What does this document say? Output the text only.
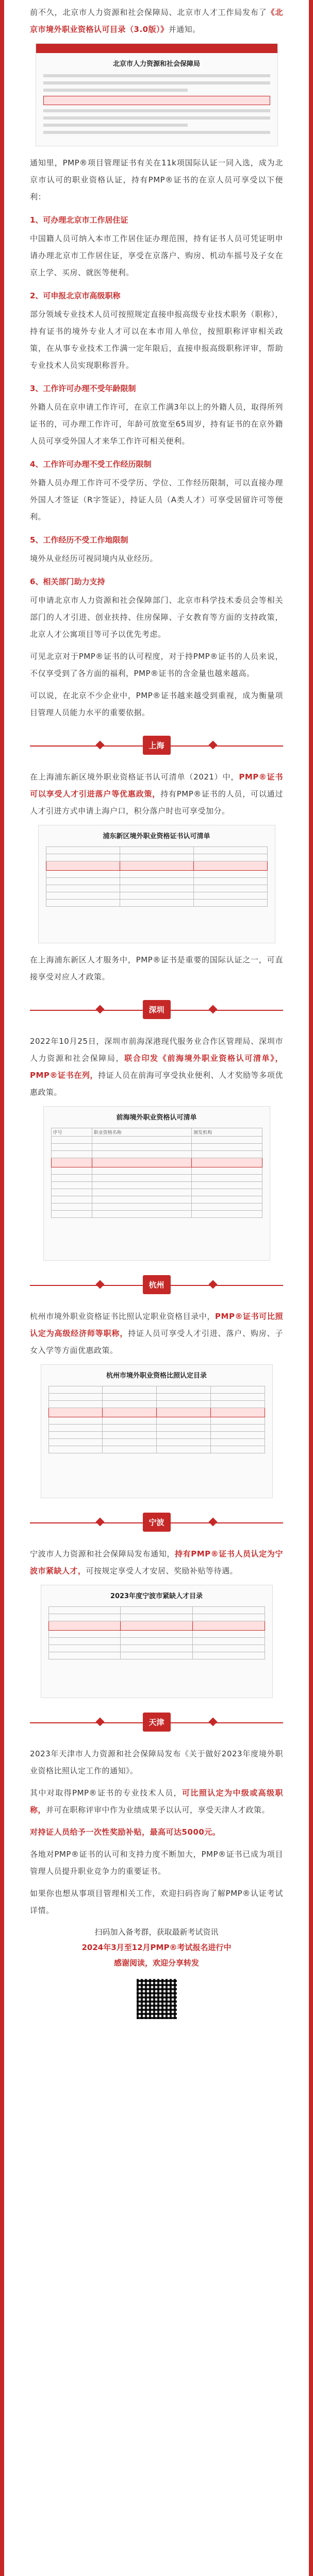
前不久，北京市人力资源和社会保障局、北京市人才工作局发布了《北京市境外职业资格认可目录（3.0版）》并通知。

北京市人力资源和社会保障局

通知里，PMP®项目管理证书有关在11k项国际认证一同入选，成为北京市认可的职业资格认证，持有PMP®证书的在京人员可享受以下便利：

1、可办理北京市工作居住证

中国籍人员可纳入本市工作居住证办理范围，持有证书人员可凭证明申请办理北京市工作居住证，享受在京落户、购房、机动车摇号及子女在京上学、买房、就医等便利。

2、可申报北京市高级职称

部分领域专业技术人员可按照规定直接申报高级专业技术职务（职称），持有证书的境外专业人才可以在本市用人单位，按照职称评审相关政策，在从事专业技术工作满一定年限后，直接申报高级职称评审，帮助专业技术人员实现职称晋升。

3、工作许可办理不受年龄限制

外籍人员在京申请工作许可，在京工作满3年以上的外籍人员，取得所列证书的，可办理工作许可，年龄可放宽至65周岁，持有证书的在京外籍人员可享受外国人才来华工作许可相关便利。

4、工作许可办理不受工作经历限制

外籍人员办理工作许可不受学历、学位、工作经历限制，可以直接办理外国人才签证（R字签证），持证人员（A类人才）可享受居留许可等便利。

5、工作经历不受工作地限制

境外从业经历可视同境内从业经历。

6、相关部门助力支持

可申请北京市人力资源和社会保障部门、北京市科学技术委员会等相关部门的人才引进、创业扶持、住房保障、子女教育等方面的支持政策，北京人才公寓项目等可予以优先考虑。

可见北京对于PMP®证书的认可程度，对于持PMP®证书的人员来说，不仅享受到了各方面的福利，PMP®证书的含金量也越来越高。

可以说，在北京不少企业中，PMP®证书越来越受到重视，成为衡量项目管理人员能力水平的重要依据。

上海

在上海浦东新区境外职业资格证书认可清单（2021）中，PMP®证书可以享受人才引进落户等优惠政策，持有PMP®证书的人员，可以通过人才引进方式申请上海户口，积分落户时也可享受加分。

浦东新区境外职业资格证书认可清单

在上海浦东新区人才服务中，PMP®证书是重要的国际认证之一，可直接享受对应人才政策。

深圳

2022年10月25日，深圳市前海深港现代服务业合作区管理局、深圳市人力资源和社会保障局，联合印发《前海境外职业资格认可清单》，PMP®证书在列，持证人员在前海可享受执业便利、人才奖励等多项优惠政策。

前海境外职业资格认可清单
序号	职业资格名称	颁发机构

杭州

杭州市境外职业资格证书比照认定职业资格目录中，PMP®证书可比照认定为高级经济师等职称，持证人员可享受人才引进、落户、购房、子女入学等方面优惠政策。

杭州市境外职业资格比照认定目录

宁波

宁波市人力资源和社会保障局发布通知，持有PMP®证书人员认定为宁波市紧缺人才，可按规定享受人才安居、奖励补贴等待遇。

2023年度宁波市紧缺人才目录

天津

2023年天津市人力资源和社会保障局发布《关于做好2023年度境外职业资格比照认定工作的通知》。

其中对取得PMP®证书的专业技术人员，可比照认定为中级或高级职称，并可在职称评审中作为业绩成果予以认可，享受天津人才政策。

对持证人员给予一次性奖励补贴，最高可达5000元。

各地对PMP®证书的认可和支持力度不断加大，PMP®证书已成为项目管理人员提升职业竞争力的重要证书。

如果你也想从事项目管理相关工作，欢迎扫码咨询了解PMP®认证考试详情。

扫码加入备考群，获取最新考试资讯
2024年3月至12月PMP®考试报名进行中
感谢阅读，欢迎分享转发
